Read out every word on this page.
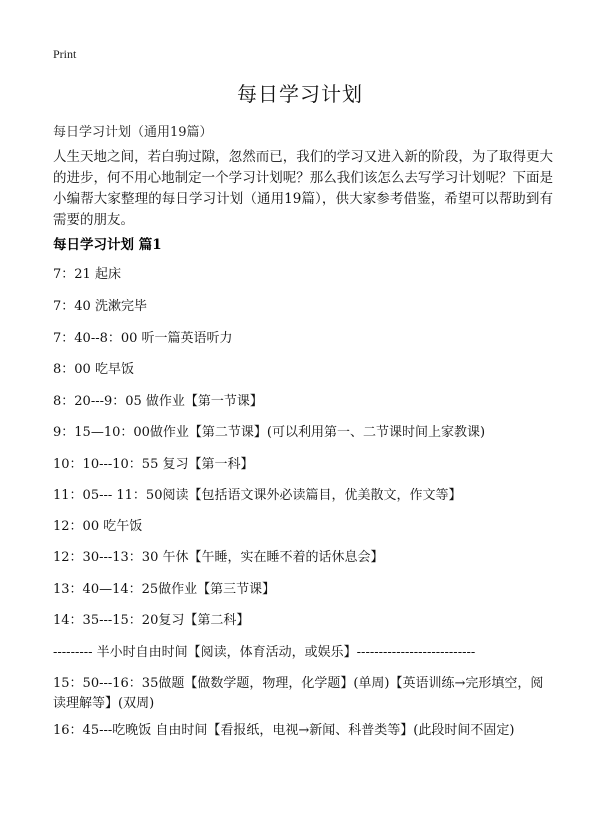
Print
每日学习计划
每日学习计划（通用19篇）
人生天地之间，若白驹过隙，忽然而已，我们的学习又进入新的阶段，为了取得更大的进步，何不用心地制定一个学习计划呢？那么我们该怎么去写学习计划呢？下面是小编帮大家整理的每日学习计划（通用19篇），供大家参考借鉴，希望可以帮助到有需要的朋友。
每日学习计划 篇1
7：21 起床
7：40 洗漱完毕
7：40--8：00 听一篇英语听力
8：00 吃早饭
8：20---9：05 做作业【第一节课】
9：15—10：00做作业【第二节课】(可以利用第一、二节课时间上家教课)
10：10---10：55 复习【第一科】
11：05--- 11：50阅读【包括语文课外必读篇目，优美散文，作文等】
12：00 吃午饭
12：30---13：30 午休【午睡，实在睡不着的话休息会】
13：40—14：25做作业【第三节课】
14：35---15：20复习【第二科】
--------- 半小时自由时间【阅读，体育活动，或娱乐】---------------------------
15：50---16：35做题【做数学题，物理，化学题】(单周)【英语训练→完形填空，阅读理解等】(双周)
16：45---吃晚饭 自由时间【看报纸，电视→新闻、科普类等】(此段时间不固定)
